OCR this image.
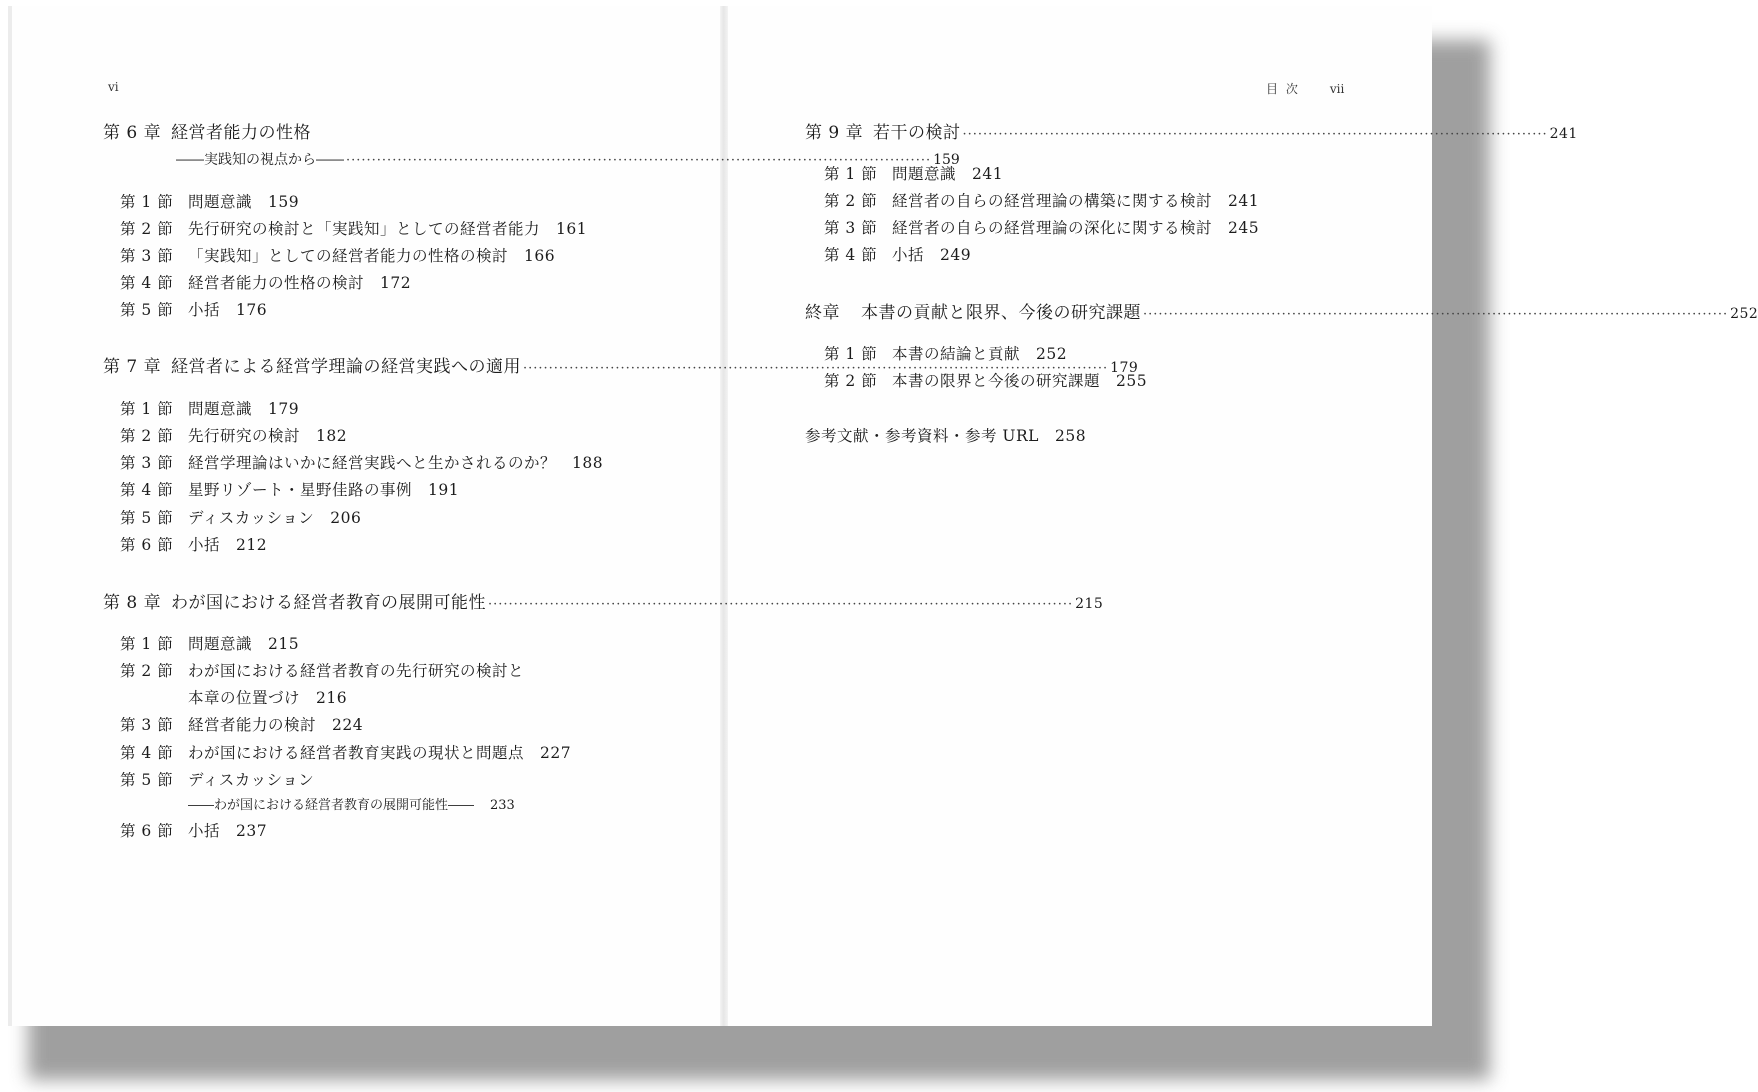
vi
第 6 章 経営者能力の性格
――実践知の視点から―― ·················································································································· 159
第 1 節 問題意識 159
第 2 節 先行研究の検討と「実践知」としての経営者能力 161
第 3 節 「実践知」としての経営者能力の性格の検討 166
第 4 節 経営者能力の性格の検討 172
第 5 節 小括 176
第 7 章 経営者による経営学理論の経営実践への適用 ·················································································································· 179
第 1 節 問題意識 179
第 2 節 先行研究の検討 182
第 3 節 経営学理論はいかに経営実践へと生かされるのか？ 188
第 4 節 星野リゾート・星野佳路の事例 191
第 5 節 ディスカッション 206
第 6 節 小括 212
第 8 章 わが国における経営者教育の展開可能性 ·················································································································· 215
第 1 節 問題意識 215
第 2 節 わが国における経営者教育の先行研究の検討と
本章の位置づけ 216
第 3 節 経営者能力の検討 224
第 4 節 わが国における経営者教育実践の現状と問題点 227
第 5 節 ディスカッション
――わが国における経営者教育の展開可能性―― 233
第 6 節 小括 237
目 次	vii
第 9 章 若干の検討 ·················································································································· 241
第 1 節 問題意識 241
第 2 節 経営者の自らの経営理論の構築に関する検討 241
第 3 節 経営者の自らの経営理論の深化に関する検討 245
第 4 節 小括 249
終章	本書の貢献と限界、今後の研究課題 ·················································································································· 252
第 1 節 本書の結論と貢献 252
第 2 節 本書の限界と今後の研究課題 255
参考文献・参考資料・参考 URL 258
